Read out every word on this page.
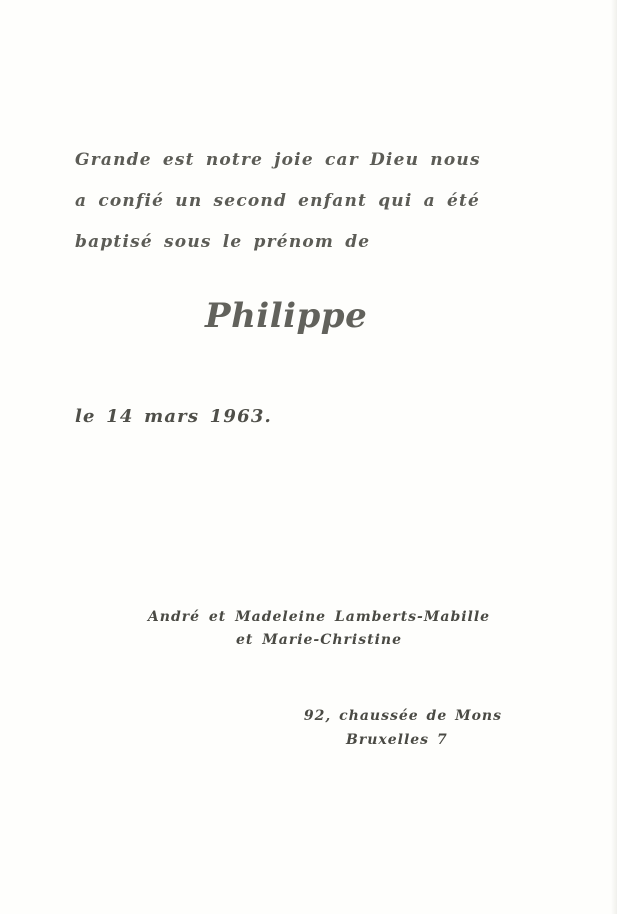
Grande est notre joie car Dieu nous
a confié un second enfant qui a été
baptisé sous le prénom de
Philippe
le 14 mars 1963.
André et Madeleine Lamberts-Mabille
et Marie-Christine
92, chaussée de Mons
Bruxelles 7
